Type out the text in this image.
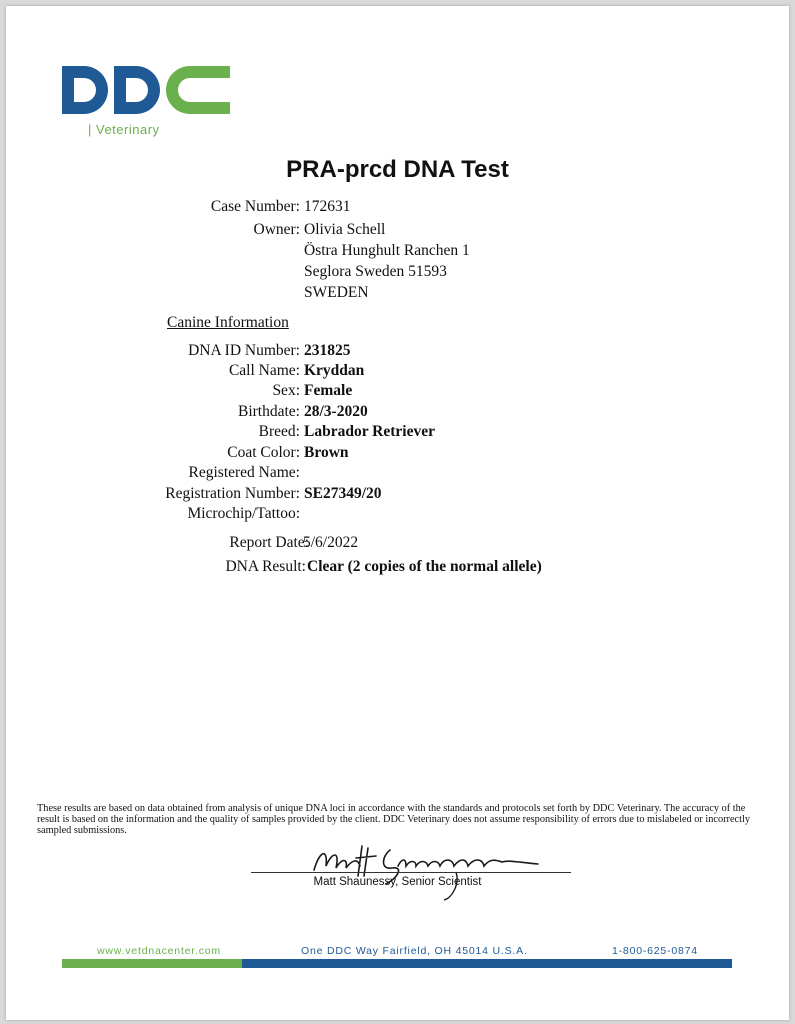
| Veterinary
PRA-prcd DNA Test
Case Number: 172631
Owner: Olivia Schell
Östra Hunghult Ranchen 1
Seglora Sweden 51593
SWEDEN
Canine Information
DNA ID Number: 231825
Call Name: Kryddan
Sex: Female
Birthdate: 28/3-2020
Breed: Labrador Retriever
Coat Color: Brown
Registered Name:
Registration Number: SE27349/20
Microchip/Tattoo:
Report Date:
5/6/2022
DNA Result: Clear (2 copies of the normal allele)
These results are based on data obtained from analysis of unique DNA loci in accordance with the standards and protocols set forth by DDC Veterinary. The accuracy of the result is based on the information and the quality of samples provided by the client. DDC Veterinary does not assume responsibility of errors due to mislabeled or incorrectly sampled submissions.
Matt Shaunessy, Senior Scientist
www.vetdnacenter.com	One DDC Way Fairfield, OH 45014 U.S.A.	1-800-625-0874
